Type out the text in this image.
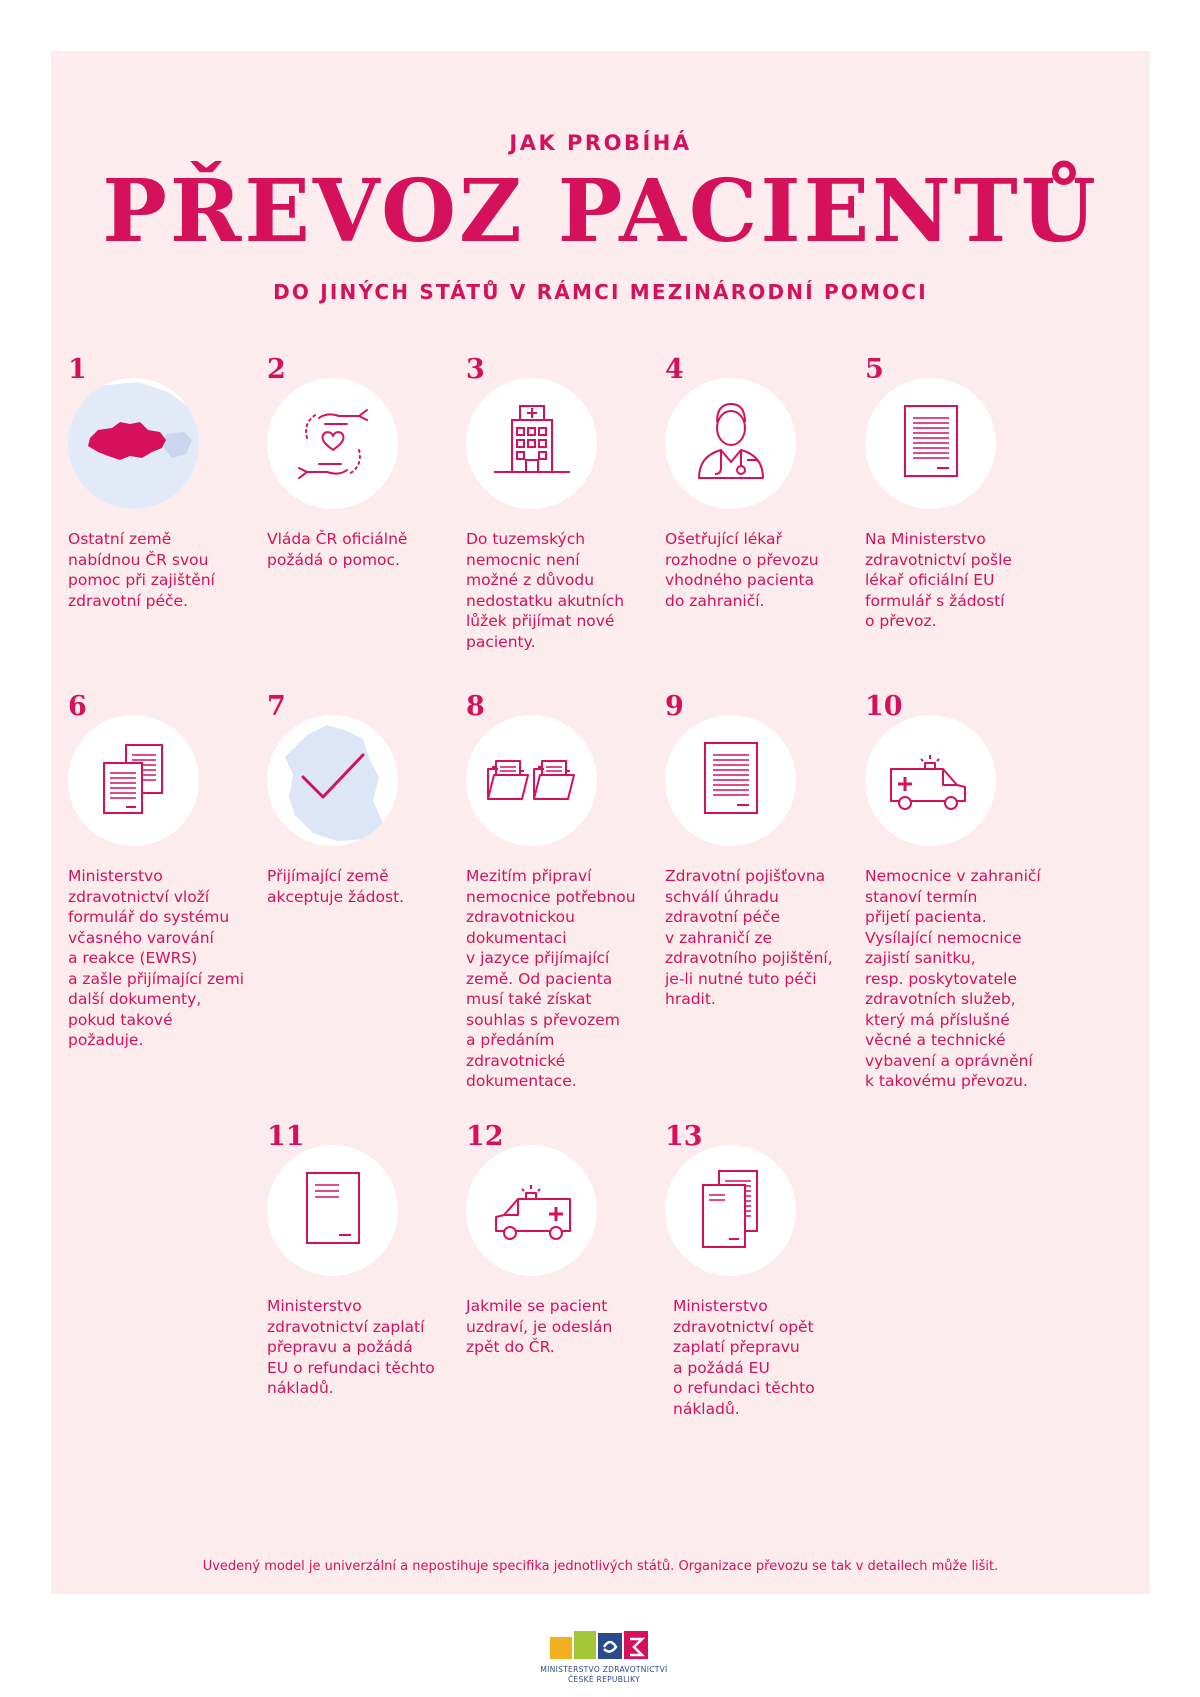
JAK PROBÍHÁ
PŘEVOZ PACIENTŮ
DO JINÝCH STÁTŮ V RÁMCI MEZINÁRODNÍ POMOCI
1
Ostatní země
nabídnou ČR svou
pomoc při zajištění
zdravotní péče.
2
Vláda ČR oficiálně
požádá o pomoc.
3
Do tuzemských
nemocnic není
možné z důvodu
nedostatku akutních
lůžek přijímat nové
pacienty.
4
Ošetřující lékař
rozhodne o převozu
vhodného pacienta
do zahraničí.
5
Na Ministerstvo
zdravotnictví pošle
lékař oficiální EU
formulář s žádostí
o převoz.
6
Ministerstvo
zdravotnictví vloží
formulář do systému
včasného varování
a reakce (EWRS)
a zašle přijímající zemi
další dokumenty,
pokud takové
požaduje.
7
Přijímající země
akceptuje žádost.
8
Mezitím připraví
nemocnice potřebnou
zdravotnickou
dokumentaci
v jazyce přijímající
země. Od pacienta
musí také získat
souhlas s převozem
a předáním
zdravotnické
dokumentace.
9
Zdravotní pojišťovna
schválí úhradu
zdravotní péče
v zahraničí ze
zdravotního pojištění,
je-li nutné tuto péči
hradit.
10
Nemocnice v zahraničí
stanoví termín
přijetí pacienta.
Vysílající nemocnice
zajistí sanitku,
resp. poskytovatele
zdravotních služeb,
který má příslušné
věcné a technické
vybavení a oprávnění
k takovému převozu.
11
Ministerstvo
zdravotnictví zaplatí
přepravu a požádá
EU o refundaci těchto
nákladů.
12
Jakmile se pacient
uzdraví, je odeslán
zpět do ČR.
13
Ministerstvo
zdravotnictví opět
zaplatí přepravu
a požádá EU
o refundaci těchto
nákladů.
Uvedený model je univerzální a nepostihuje specifika jednotlivých států. Organizace převozu se tak v detailech může lišit.
MINISTERSTVO ZDRAVOTNICTVÍ
ČESKÉ REPUBLIKY
